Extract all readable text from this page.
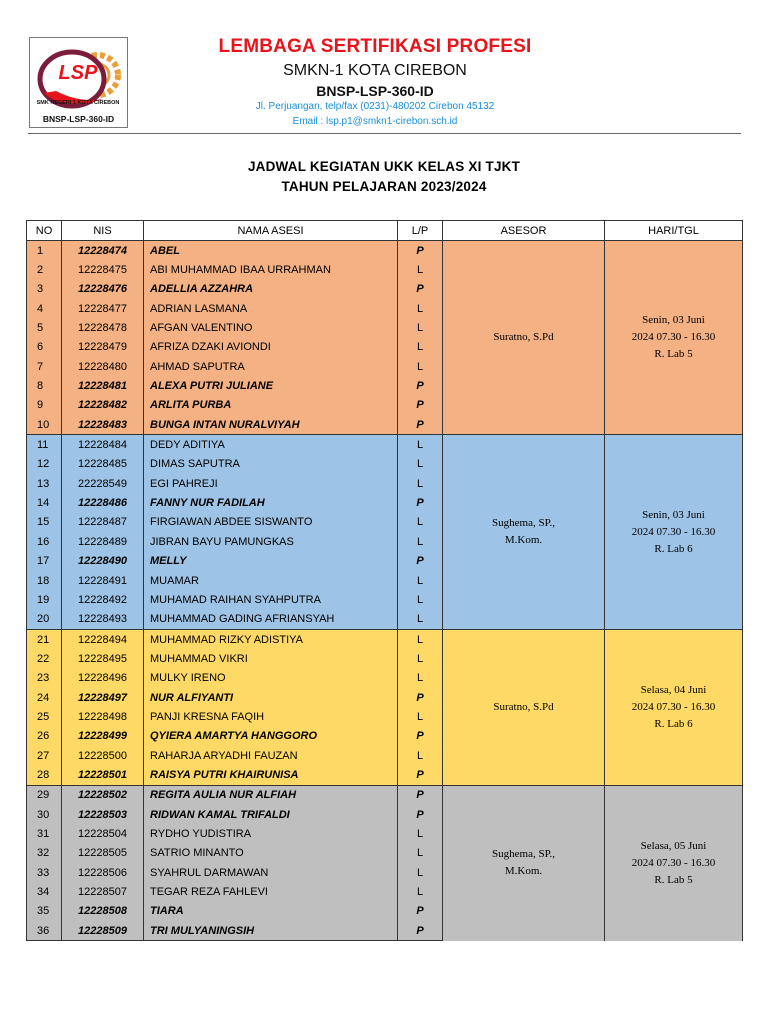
LSP
SMK NEGERI 1 KOTA CIREBON
BNSP-LSP-360-ID
LEMBAGA SERTIFIKASI PROFESI
SMKN-1 KOTA CIREBON
BNSP-LSP-360-ID
Jl. Perjuangan, telp/fax (0231)-480202 Cirebon 45132
Email : lsp.p1@smkn1-cirebon.sch.id
JADWAL KEGIATAN UKK KELAS XI TJKT
TAHUN PELAJARAN 2023/2024
NO	NIS	NAMA ASESI	L/P	ASESOR	HARI/TGL
1	12228474	ABEL	P	Suratno, S.Pd	Senin, 03 Juni
2024 07.30 - 16.30
R. Lab 5

2	12228475	ABI MUHAMMAD IBAA URRAHMAN	L		
3	12228476	ADELLIA AZZAHRA	P		
4	12228477	ADRIAN LASMANA	L		
5	12228478	AFGAN VALENTINO	L		
6	12228479	AFRIZA DZAKI AVIONDI	L		
7	12228480	AHMAD SAPUTRA	L		
8	12228481	ALEXA PUTRI JULIANE	P		
9	12228482	ARLITA PURBA	P		
10	12228483	BUNGA INTAN NURALVIYAH	P		
11	12228484	DEDY ADITIYA	L	Sughema, SP.,
M.Kom.	Senin, 03 Juni
2024 07.30 - 16.30
R. Lab 6

12	12228485	DIMAS SAPUTRA	L		
13	22228549	EGI PAHREJI	L		
14	12228486	FANNY NUR FADILAH	P		
15	12228487	FIRGIAWAN ABDEE SISWANTO	L		
16	12228489	JIBRAN BAYU PAMUNGKAS	L		
17	12228490	MELLY	P		
18	12228491	MUAMAR	L		
19	12228492	MUHAMAD RAIHAN SYAHPUTRA	L		
20	12228493	MUHAMMAD GADING AFRIANSYAH	L		
21	12228494	MUHAMMAD RIZKY ADISTIYA	L	Suratno, S.Pd	Selasa, 04 Juni
2024 07.30 - 16.30
R. Lab 6

22	12228495	MUHAMMAD VIKRI	L		
23	12228496	MULKY IRENO	L		
24	12228497	NUR ALFIYANTI	P		
25	12228498	PANJI KRESNA FAQIH	L		
26	12228499	QYIERA AMARTYA HANGGORO	P		
27	12228500	RAHARJA ARYADHI FAUZAN	L		
28	12228501	RAISYA PUTRI KHAIRUNISA	P		
29	12228502	REGITA AULIA NUR ALFIAH	P	Sughema, SP.,
M.Kom.	Selasa, 05 Juni
2024 07.30 - 16.30
R. Lab 5

30	12228503	RIDWAN KAMAL TRIFALDI	P		
31	12228504	RYDHO YUDISTIRA	L		
32	12228505	SATRIO MINANTO	L		
33	12228506	SYAHRUL DARMAWAN	L		
34	12228507	TEGAR REZA FAHLEVI	L		
35	12228508	TIARA	P		
36	12228509	TRI MULYANINGSIH	P		
